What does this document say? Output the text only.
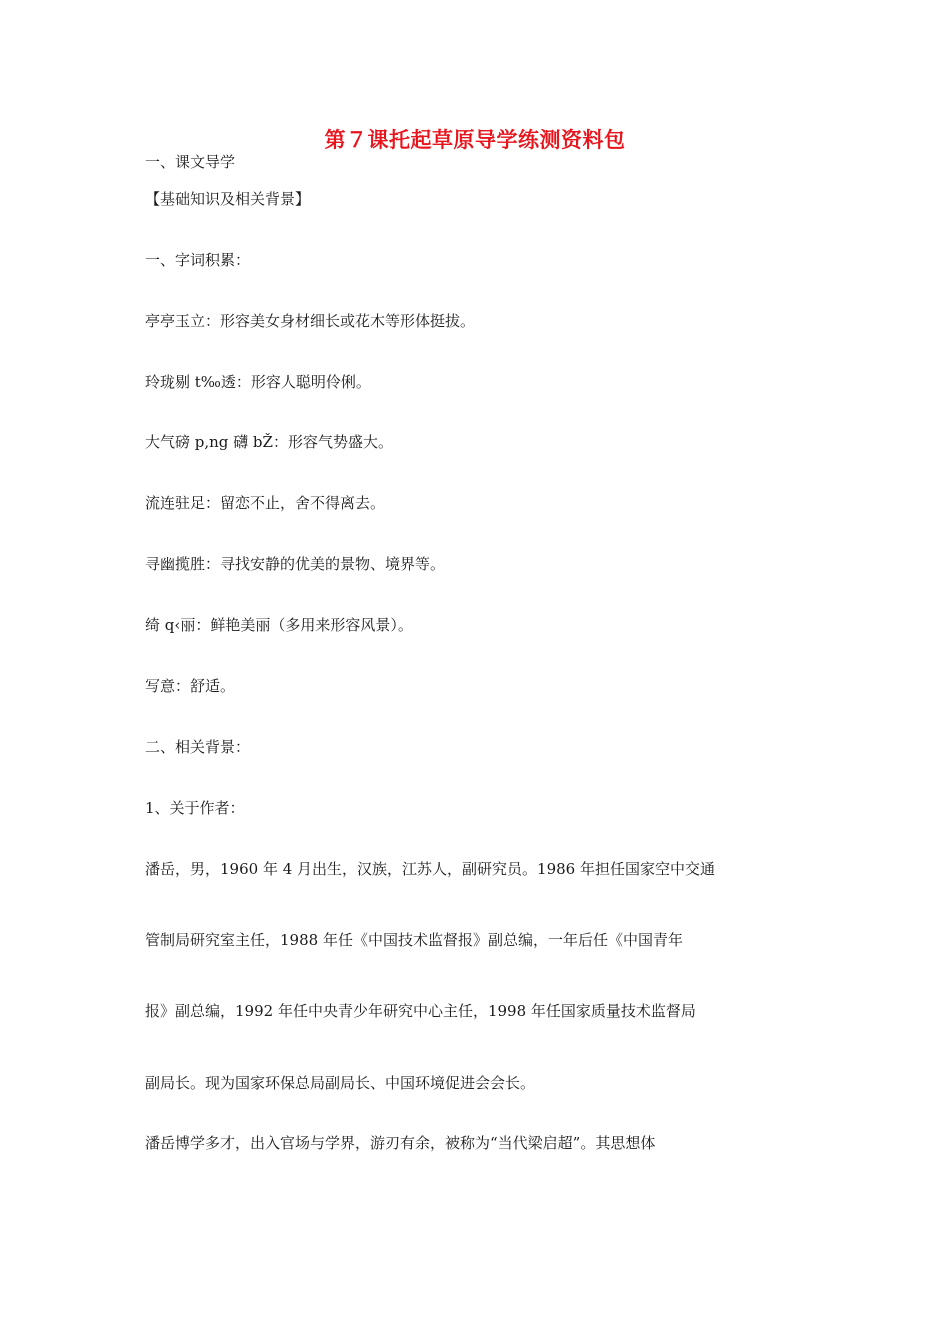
第７课托起草原导学练测资料包
一、课文导学
【基础知识及相关背景】
一、字词积累：
亭亭玉立：形容美女身材细长或花木等形体挺拔。
玲珑剔 t‰透：形容人聪明伶俐。
大气磅 p,ng 礴 bŽ：形容气势盛大。
流连驻足：留恋不止，舍不得离去。
寻幽揽胜：寻找安静的优美的景物、境界等。
绮 q‹丽：鲜艳美丽（多用来形容风景）。
写意：舒适。
二、相关背景：
1、关于作者：
潘岳，男，1960 年 4 月出生，汉族，江苏人，副研究员。1986 年担任国家空中交通
管制局研究室主任，1988 年任《中国技术监督报》副总编，一年后任《中国青年
报》副总编，1992 年任中央青少年研究中心主任，1998 年任国家质量技术监督局
副局长。现为国家环保总局副局长、中国环境促进会会长。
潘岳博学多才，出入官场与学界，游刃有余，被称为“当代梁启超”。其思想体
